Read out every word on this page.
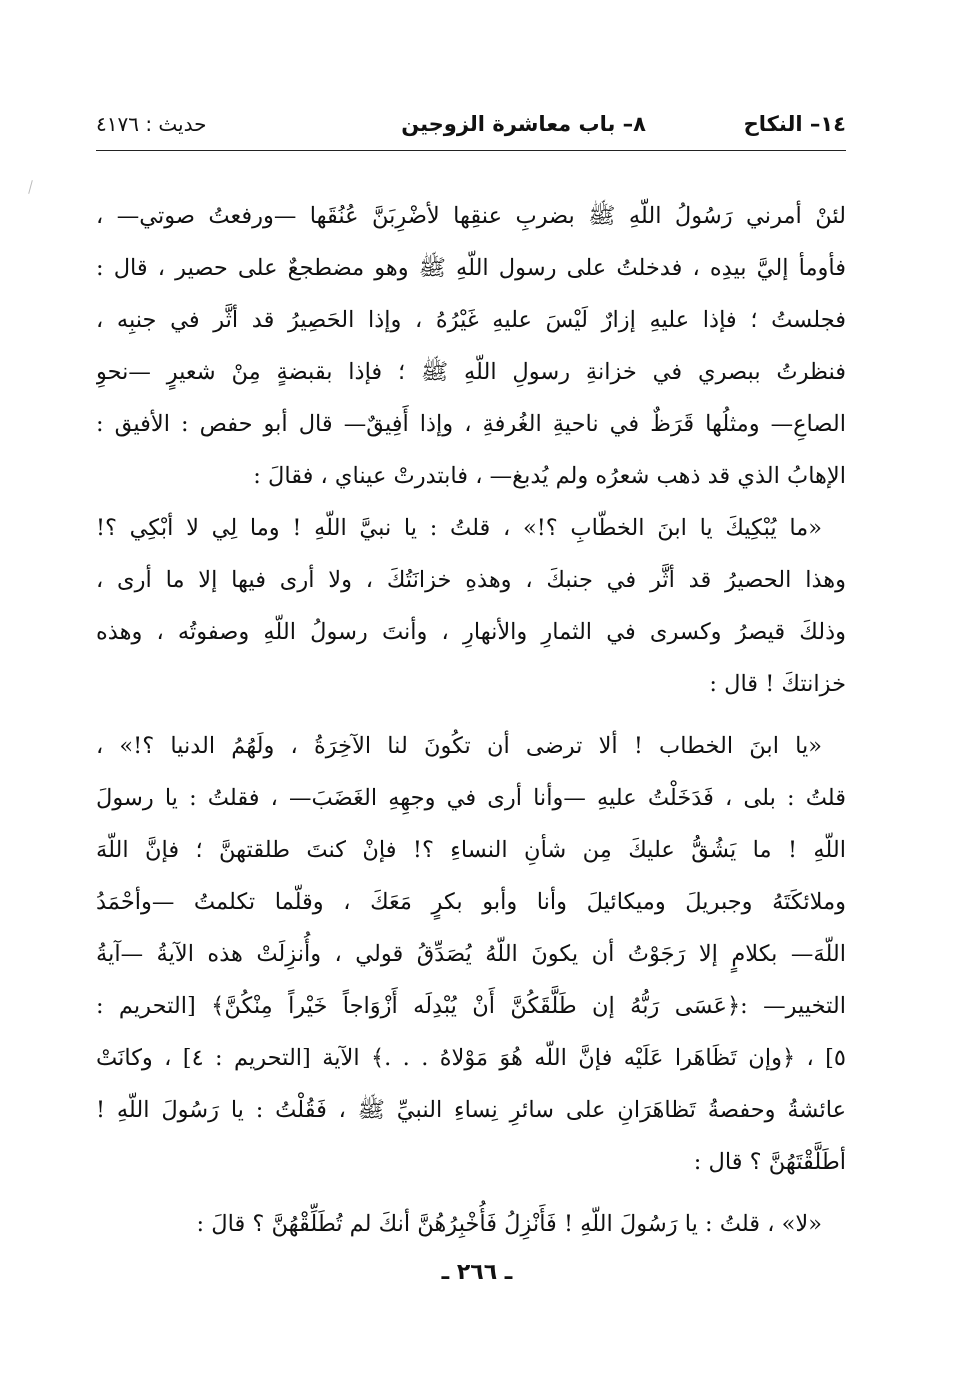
١٤– النكاح
٨– باب معاشرة الزوجين
حديث : ٤١٧٦
لئنْ أمرني رَسُولُ اللّهِ ﷺ بضربِ عنقِها لأضْرِبَنَّ عُنُقَها —ورفعتُ صوتي— ،
فأومأ إليَّ بيدِه ، فدخلتُ على رسول اللّهِ ﷺ وهو مضطجعٌ على حصير ، قال :
فجلستُ ؛ فإذا عليهِ إزارٌ لَيْسَ عليهِ غَيْرُهُ ، وإذا الحَصِيرُ قد أثَّر في جنبِه ،
فنظرتُ ببصري في خزانةِ رسولِ اللّهِ ﷺ ؛ فإذا بقبضةٍ مِنْ شعيرٍ —نحوِ
الصاعِ— ومثلُها قَرَظٌ في ناحيةِ الغُرفةِ ، وإذا أَفِيقٌ— قال أبو حفص : الأفيق :
الإهابُ الذي قد ذهب شعرُه ولم يُدبغ— ، فابتدرتْ عيناي ، فقالَ :
«ما يُبْكِيكَ يا ابنَ الخطّابِ ؟!» ، قلتُ : يا نبيَّ اللّهِ ! وما لِي لا أبْكِي ؟!
وهذا الحصيرُ قد أثَّر في جنبكَ ، وهذهِ خزانَتُكَ ، ولا أرى فيها إلا ما أرى ،
وذلكَ قيصرُ وكسرى في الثمارِ والأنهارِ ، وأنتَ رسولُ اللّهِ وصفوتُه ، وهذه
خزانتكَ ! قال :
«يا ابنَ الخطاب ! ألا ترضى أن تكُونَ لنا الآخِرَةُ ، ولَهُمُ الدنيا ؟!» ،
قلتُ : بلى ، فَدَخَلْتُ عليهِ —وأنا أرى في وجهِهِ الغَضَبَ— ، فقلتُ : يا رسولَ
اللّهِ ! ما يَشُقُّ عليكَ مِن شأنِ النساءِ ؟! فإنْ كنتَ طلقتهنَّ ؛ فإنَّ اللّهَ
وملائكَتَهُ وجبريلَ وميكائيلَ وأنا وأبو بكرٍ مَعَكَ ، وقلّما تكلمتُ —وأحْمَدُ
اللّهَ— بكلامٍ إلا رَجَوْتُ أن يكونَ اللّهُ يُصَدِّقُ قولي ، وأُنزِلَتْ هذه الآيةُ —آيةُ
التخيير— :﴿عَسَى رَبُّهُ إن طَلَّقَكُنَّ أَنْ يُبْدِلَه أَزْوَاجاً خَيْراً مِنْكُنَّ﴾ [التحريم :
٥] ، ﴿وإن تَظَاهَرا عَلَيْه فإنَّ اللّه هُوَ مَوْلاهُ . . .﴾ الآية [التحريم : ٤] ، وكانَتْ
عائشةُ وحفصةُ تَظاهَرَانِ على سائرِ نِساءِ النبيِّ ﷺ ، فَقُلْتُ : يا رَسُولَ اللّهِ !
أطَلَّقْتَهُنَّ ؟ قال :
«لا» ، قلتُ : يا رَسُولَ اللّهِ ! فَأَنْزِلُ فَأُخْبِرُهُنَّ أنكَ لم تُطَلِّقْهُنَّ ؟ قالَ :
ـ ٢٦٦ ـ
